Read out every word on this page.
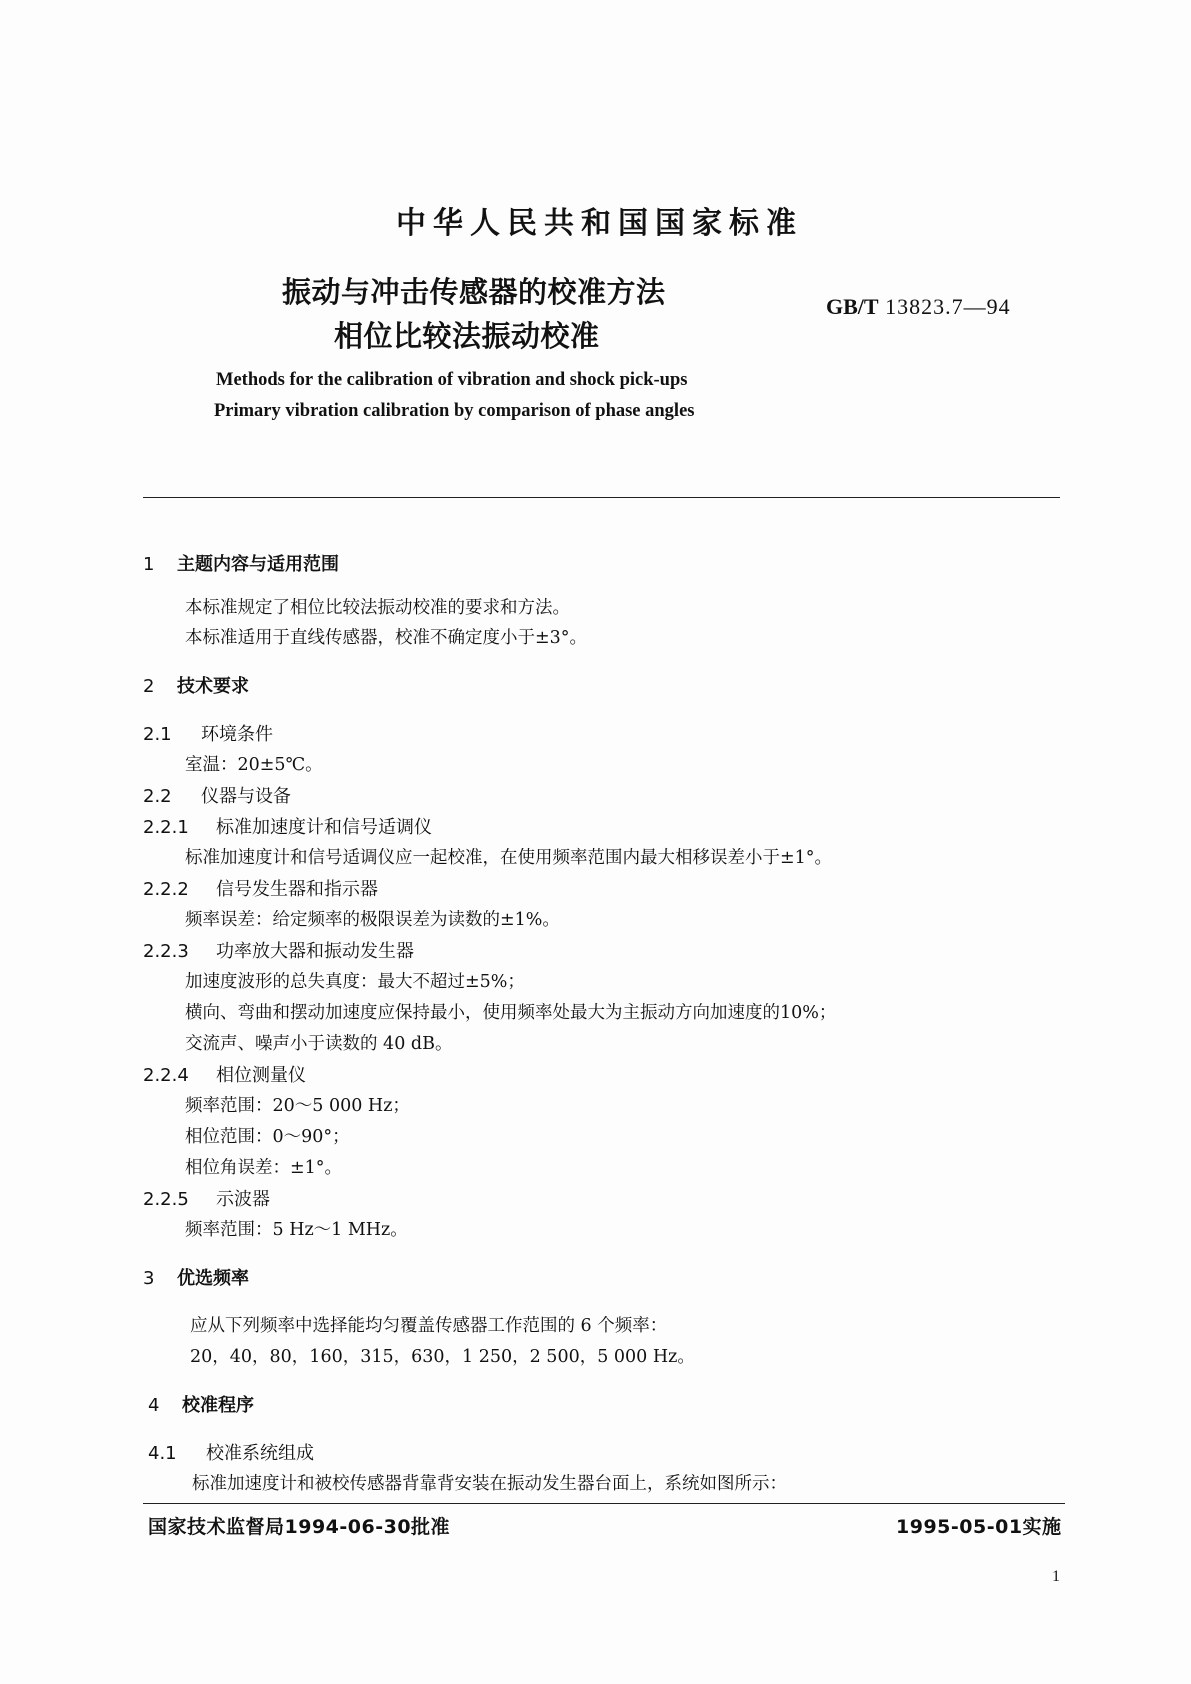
中华人民共和国国家标准
振动与冲击传感器的校准方法
相位比较法振动校准
GB/T 13823.7—94
Methods for the calibration of vibration and shock pick-ups
Primary vibration calibration by comparison of phase angles
1 主题内容与适用范围
本标准规定了相位比较法振动校准的要求和方法。
本标准适用于直线传感器，校准不确定度小于±3°。
2 技术要求
2.1 环境条件
室温：20±5℃。
2.2 仪器与设备
2.2.1 标准加速度计和信号适调仪
标准加速度计和信号适调仪应一起校准，在使用频率范围内最大相移误差小于±1°。
2.2.2 信号发生器和指示器
频率误差：给定频率的极限误差为读数的±1%。
2.2.3 功率放大器和振动发生器
加速度波形的总失真度：最大不超过±5%；
横向、弯曲和摆动加速度应保持最小，使用频率处最大为主振动方向加速度的10%；
交流声、噪声小于读数的 40 dB。
2.2.4 相位测量仪
频率范围：20～5 000 Hz；
相位范围：0～90°；
相位角误差：±1°。
2.2.5 示波器
频率范围：5 Hz～1 MHz。
3 优选频率
应从下列频率中选择能均匀覆盖传感器工作范围的 6 个频率：
20，40，80，160，315，630，1 250，2 500，5 000 Hz。
4 校准程序
4.1 校准系统组成
标准加速度计和被校传感器背靠背安装在振动发生器台面上，系统如图所示：
国家技术监督局1994-06-30批准	1995-05-01实施
1
